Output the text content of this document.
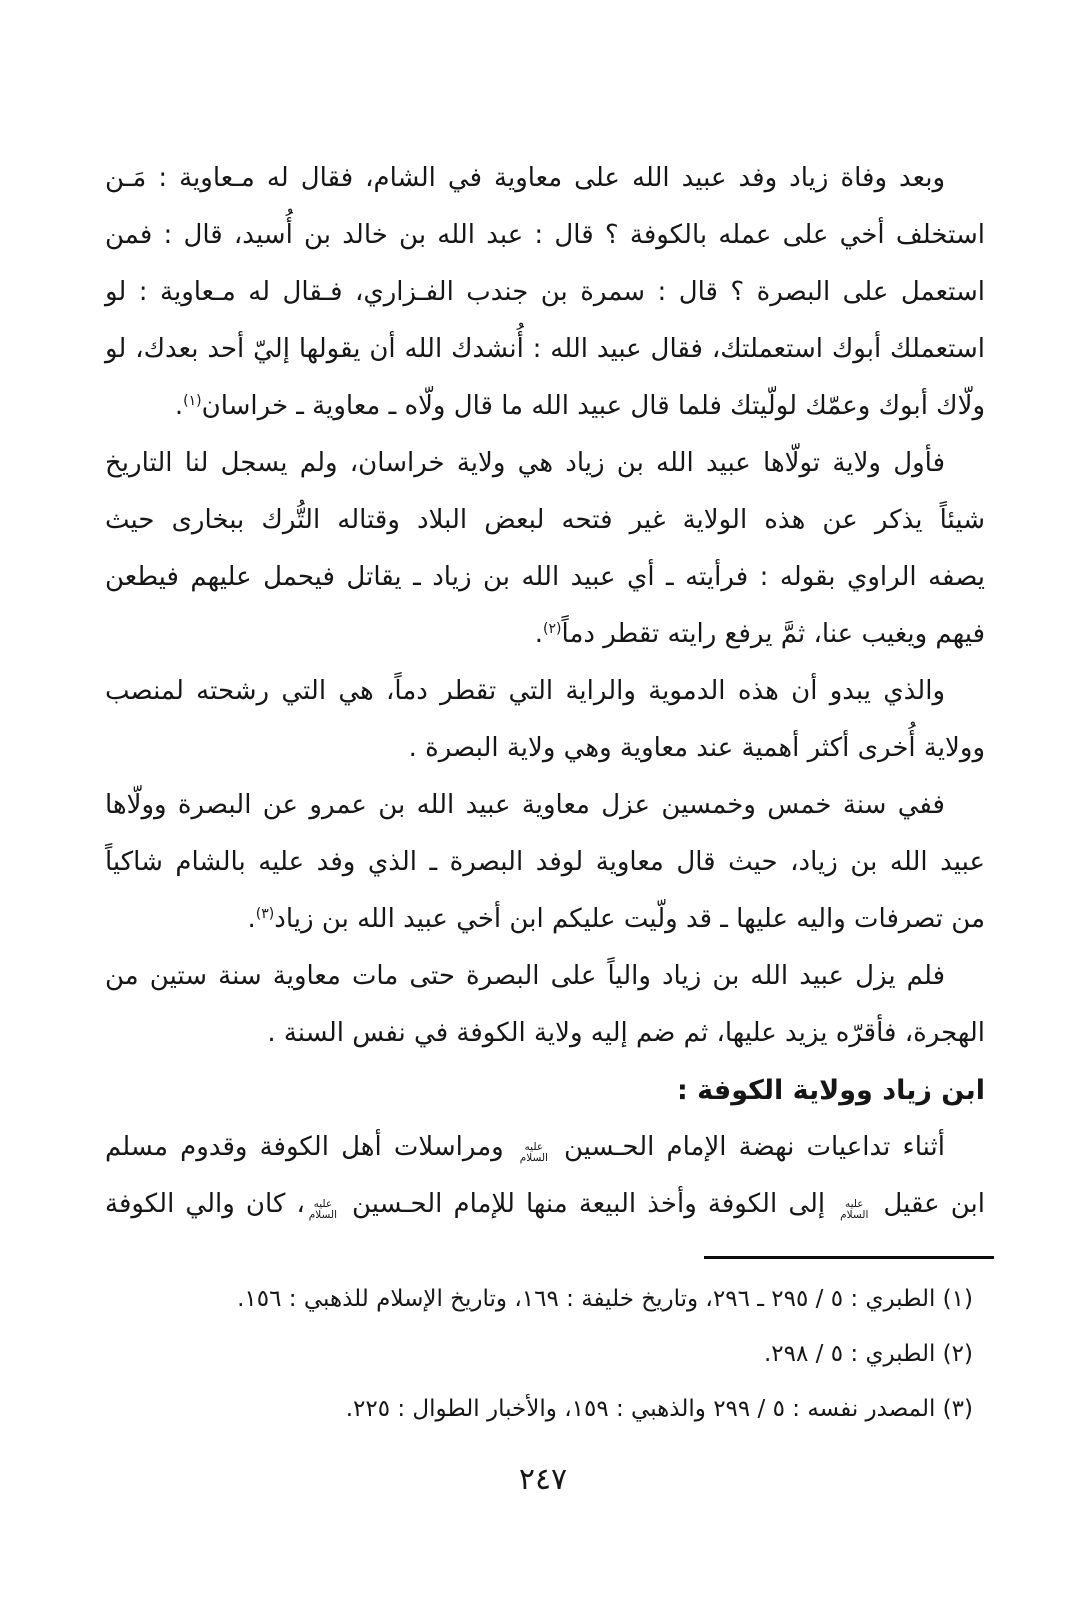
وبعد وفاة زياد وفد عبيد الله على معاوية في الشام، فقال له مـعاوية : مَـن
استخلف أخي على عمله بالكوفة ؟ قال : عبد الله بن خالد بن أُسيد، قال : فمن
استعمل على البصرة ؟ قال : سمرة بن جندب الفـزاري، فـقال له مـعاوية : لو
استعملك أبوك استعملتك، فقال عبيد الله : أُنشدك الله أن يقولها إليّ أحد بعدك، لو
ولّاك أبوك وعمّك لولّيتك فلما قال عبيد الله ما قال ولّاه ـ معاوية ـ خراسان$^{(١)}$.
فأول ولاية تولّاها عبيد الله بن زياد هي ولاية خراسان، ولم يسجل لنا التاريخ
شيئاً يذكر عن هذه الولاية غير فتحه لبعض البلاد وقتاله التُّرك ببخارى حيث
يصفه الراوي بقوله : فرأيته ـ أي عبيد الله بن زياد ـ يقاتل فيحمل عليهم فيطعن
فيهم ويغيب عنا، ثمَّ يرفع رايته تقطر دماً$^{(٢)}$.
والذي يبدو أن هذه الدموية والراية التي تقطر دماً، هي التي رشحته لمنصب
وولاية أُخرى أكثر أهمية عند معاوية وهي ولاية البصرة .
ففي سنة خمس وخمسين عزل معاوية عبيد الله بن عمرو عن البصرة وولّاها
عبيد الله بن زياد، حيث قال معاوية لوفد البصرة ـ الذي وفد عليه بالشام شاكياً
من تصرفات واليه عليها ـ قد ولّيت عليكم ابن أخي عبيد الله بن زياد$^{(٣)}$.
فلم يزل عبيد الله بن زياد والياً على البصرة حتى مات معاوية سنة ستين من
الهجرة، فأقرّه يزيد عليها، ثم ضم إليه ولاية الكوفة في نفس السنة .
ابن زياد وولاية الكوفة :
أثناء تداعيات نهضة الإمام الحـسين عليه السلام ومراسلات أهل الكوفة وقدوم مسلم
ابن عقيل عليه السلام إلى الكوفة وأخذ البيعة منها للإمام الحـسين عليه السلام، كان والي الكوفة
(١) الطبري : ٥ / ٢٩٥ ـ ٢٩٦، وتاريخ خليفة : ١٦٩، وتاريخ الإسلام للذهبي : ١٥٦.
(٢) الطبري : ٥ / ٢٩٨.
(٣) المصدر نفسه : ٥ / ٢٩٩ والذهبي : ١٥٩، والأخبار الطوال : ٢٢٥.
٢٤٧
